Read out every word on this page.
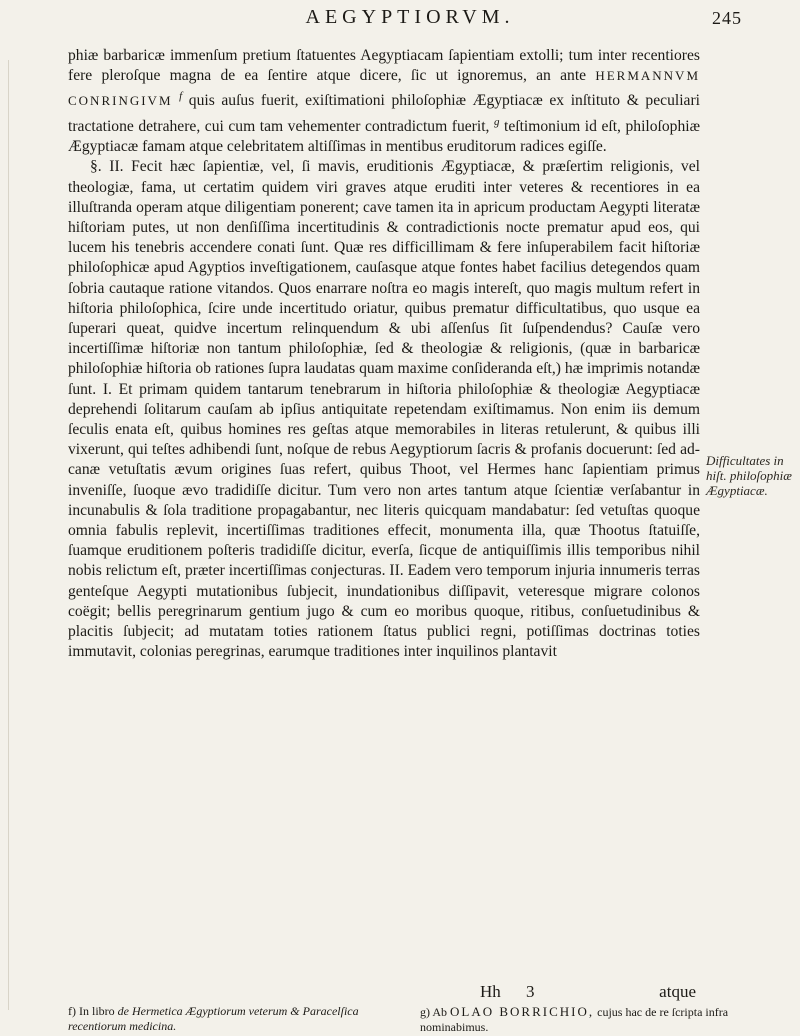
AEGYPTIORVM.	245

phiæ barbaricæ immenſum pretium ſtatuentes Aegyptiacam ſapientiam extolli; tum inter recentiores fere pleroſque magna de ea ſentire atque dicere, ſic ut ignoremus, an ante HERMANNVM CONRINGIVM $^f$ quis auſus fuerit, exiſtimationi philoſophiæ Ægyptiacæ ex inſtituto & peculiari tractatione detrahere, cui cum tam vehementer contradictum fuerit, $^g$ teſtimonium id eſt, philoſophiæ Ægyptiacæ famam atque celebritatem altiſſimas in mentibus eruditorum radices egiſſe.

§. II. Fecit hæc ſapientiæ, vel, ſi mavis, eruditionis Ægyptiacæ, & præſertim religionis, vel theologiæ, fama, ut certatim quidem viri graves atque eruditi inter veteres & recentiores in ea illuſtranda operam atque diligentiam ponerent; cave tamen ita in apricum productam Aegypti literatæ hiſtoriam putes, ut non denſiſſima incertitudinis & contradictionis nocte prematur apud eos, qui lucem his tenebris accendere conati ſunt. Quæ res difficillimam & fere inſuperabilem facit hiſtoriæ philoſophicæ apud Agyptios inveſtigationem, cauſasque atque fontes habet facilius detegendos quam ſobria cautaque ratione vitandos. Quos enarrare noſtra eo magis intereſt, quo magis multum refert in hiſtoria philoſophica, ſcire unde incertitudo oriatur, quibus prematur difficultatibus, quo usque ea ſuperari queat, quidve incertum relinquendum & ubi aſſenſus ſit ſuſpendendus? Cauſæ vero incertiſſimæ hiſtoriæ non tantum philoſophiæ, ſed & theologiæ & religionis, (quæ in barbaricæ philoſophiæ hiſtoria ob rationes ſupra laudatas quam maxime conſideranda eſt,) hæ imprimis notandæ ſunt. I. Et primam quidem tantarum tenebrarum in hiſtoria philoſophiæ & theologiæ Aegyptiacæ deprehendi ſolitarum cauſam ab ipſius antiquitate repetendam exiſtimamus. Non enim iis demum ſeculis enata eſt, quibus homines res geſtas atque memorabiles in literas retulerunt, & quibus illi vixerunt, qui teſtes adhibendi ſunt, noſque de rebus Aegyptiorum ſacris & profanis docuerunt: ſed ad-canæ vetuſtatis ævum origines ſuas refert, quibus Thoot, vel Hermes hanc ſapientiam primus inveniſſe, ſuoque ævo tradidiſſe dicitur. Tum vero non artes tantum atque ſcientiæ verſabantur in incunabulis & ſola traditione propagabantur, nec literis quicquam mandabatur: ſed vetuſtas quoque omnia fabulis replevit, incertiſſimas traditiones effecit, monumenta illa, quæ Thootus ſtatuiſſe, ſuamque eruditionem poſteris tradidiſſe dicitur, everſa, ſicque de antiquiſſimis illis temporibus nihil nobis relictum eſt, præter incertiſſimas conjecturas. II. Eadem vero temporum injuria innumeris terras genteſque Aegypti mutationibus ſubjecit, inundationibus diſſipavit, veteresque migrare colonos coëgit; bellis peregrinarum gentium jugo & cum eo moribus quoque, ritibus, conſuetudinibus & placitis ſubjecit; ad mutatam toties rationem ſtatus publici regni, potiſſimas doctrinas toties immutavit, colonias peregrinas, earumque traditiones inter inquilinos plantavit

Difficultates in hiſt. philoſophiæ Ægyptiacæ.
Hh 3	atque
f) In libro de Hermetica Ægyptiorum veterum & Paracelſica recentiorum medicina.
g) Ab OLAO BORRICHIO, cujus hac de re ſcripta infra nominabimus.
